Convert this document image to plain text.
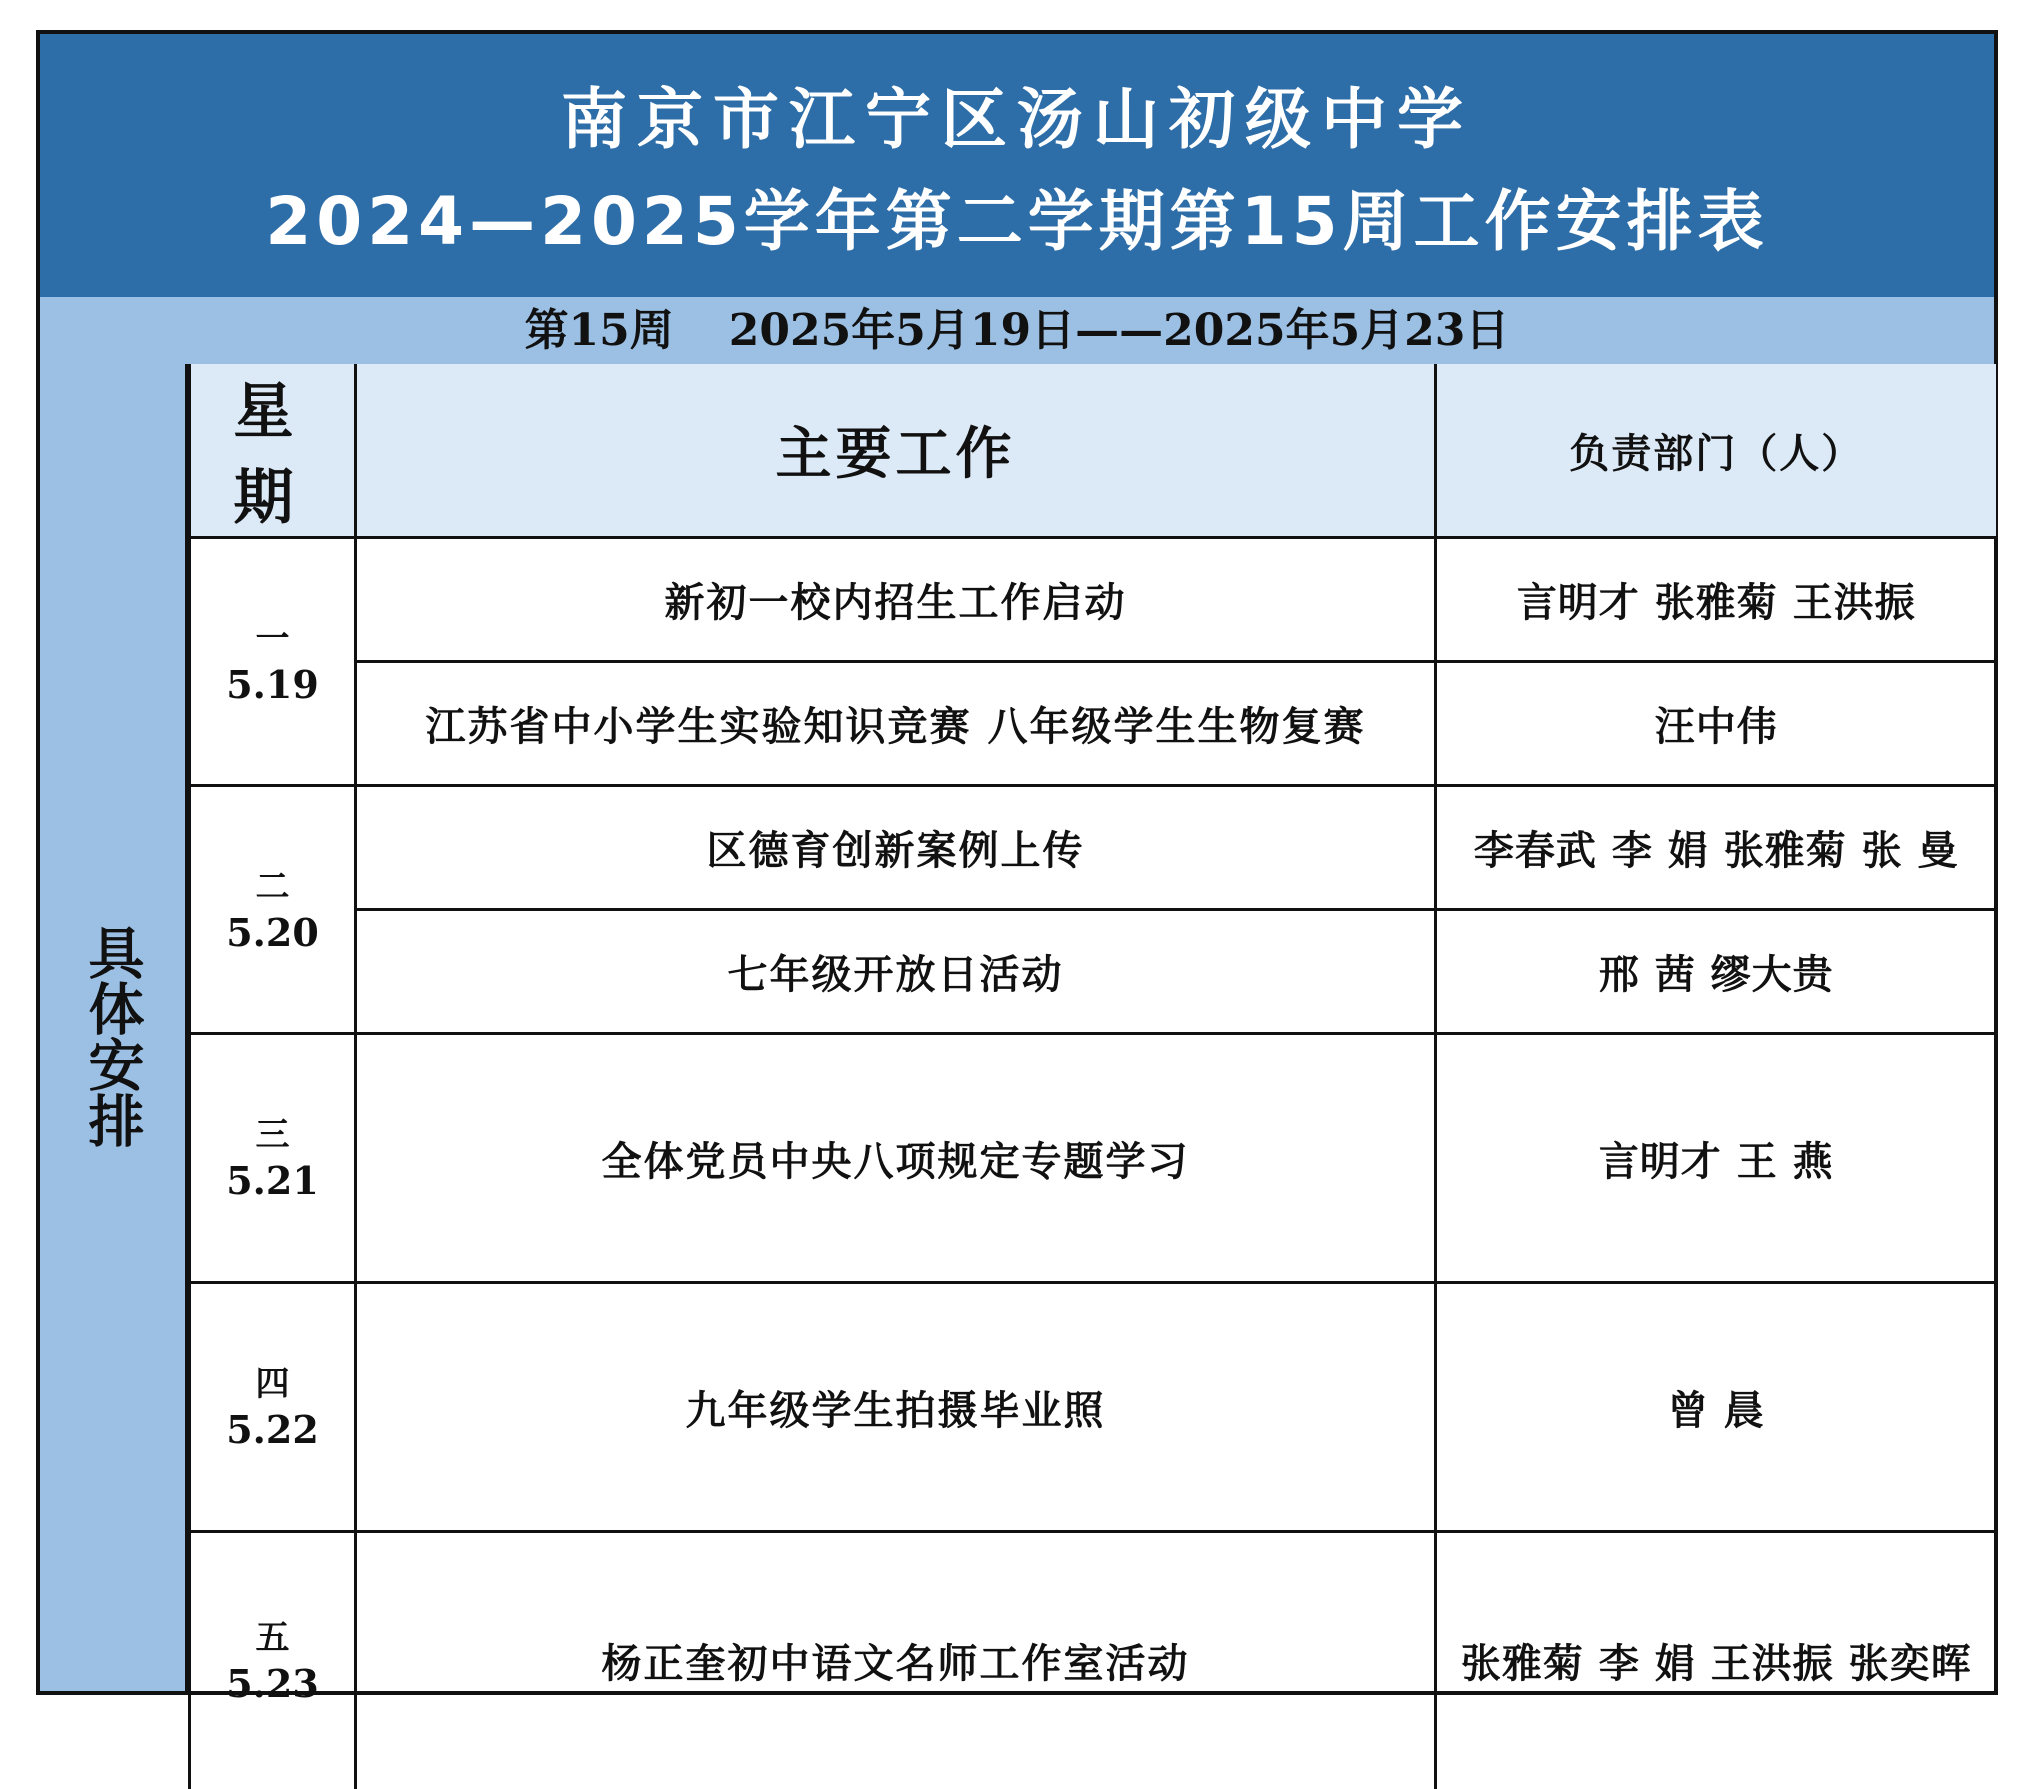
南京市江宁区汤山初级中学
2024—2025学年第二学期第15周工作安排表
第15周 2025年5月19日——2025年5月23日
具体安排
星 期	主要工作	负责部门（人）

一
5.19	新初一校内招生工作启动	言明才 张雅菊 王洪振
	江苏省中小学生实验知识竞赛 八年级学生生物复赛	汪中伟

二
5.20	区德育创新案例上传	李春武 李 娟 张雅菊 张 曼
	七年级开放日活动	邢 茜 缪大贵

三
5.21	全体党员中央八项规定专题学习	言明才 王 燕

四
5.22	九年级学生拍摄毕业照	曾 晨

五
5.23	杨正奎初中语文名师工作室活动	张雅菊 李 娟 王洪振 张奕晖
